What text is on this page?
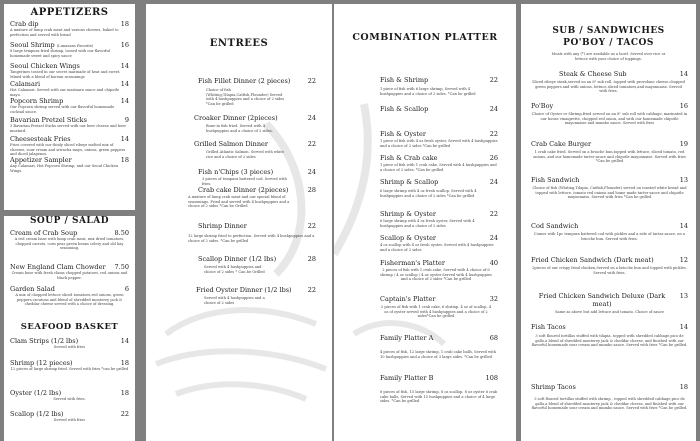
APPETIZERS
Crab dip	18
A mixture of lump crab meat and various cheeses, baked to perfection and served with bread
Seoul Shrimp (Lunaeans Favorite)	16
8 large tempura fried shrimp, tossed with our flavorful homemade sweet and spicy sauce
Seoul Chicken Wings	14
Tangerines tossed in our secret marinade of heat and sweet. Mixed with a blend of korean seasonings
Calamari	14
Hot Calamari. Served with our marinara sauce and chipotle mayo.
Popcorn Shrimp	14
Our Popcorn shrimp served with our flavorful homemade cocktail sauce.
Bavarian Pretzel Sticks	9
3 Bavarian Pretzel Sticks served with our beer cheese and beer mustard.
Cheesesteak Fries	14
Fries covered with our thinly sliced ribeye melted mix of cheeses, sour cream and sriracha mayo, onions, green peppers and diced jalapenos.
Appetizer Sampler	18
Any Calamari, Hot Popcorn Shrimp, and our Seoul Chicken Wings.
SOUP / SALAD
Cream of Crab Soup	8.50
A red cream base with lump crab meat, mix dried tomatoes, chopped carrots, corn peas green beans celery and old bay seasoning.
New England Clam Chowder 7.50
Cream base with fresh clams chopped potatoes, red onions and black pepper.
Garden Salad	6
A mix of chopped lettuce sliced tomatoes,red onions, green peppers,croutons and blend of shredded monterey jack & cheddar cheese served with a choice of dressing.
SEAFOOD BASKET
Clam Strips (1/2 lbs)	14
Served with fries
Shrimp (12 pieces)	18
12 pieces of large shrimp fried. Served with fries *can be grilled
Oyster (1/2 lbs)	18
Served with fries.
Scallop (1/2 lbs)	22
Served with fries
ENTREES
Fish Fillet Dinner (2 pieces)	22
Choice of fish (Whiting,Tilapia,Catfish,Flounder) Served with 4 hushpuppies and a choice of 2 sides *Can be grilled
Croaker Dinner (2pieces)	24
Bone-in fish fried. Served with 4 hushpuppies and a choice of 2 sides.
Grilled Salmon Dinner	22
Grilled Atlantic Salmon. Served with white rice and a choice of 2 sides
Fish n'Chips (3 pieces)	24
3 pieces of tempura battered cod. Served with fries.
Crab cake Dinner (2pieces)	28
A mixture of lump crab meat and our special blend of seasonings. Fried and served with 4 hushpuppies and a choice of 2 sides *Can be Grilled
Shrimp Dinner	22
12 large shrimp fried to perfection. Served with 4 hushpuppies and a choice of 2 sides. *Can be grilled
Scallop Dinner (1/2 lbs)	28
Served with 4 hushpuppies and choice of 2 sides * Can be Grilled
Fried Oyster Dinner (1/2 lbs) 22
Served with 4 hushpuppies and a choice of 2 sides
COMBINATION PLATTER
Fish & Shrimp	22
1 piece of fish with 6 large shrimp, Served with 4 hushpuppies and a choice of 2 sides. *Can be grilled
Fish & Scallop	24
Fish & Oyster	22
1 piece of fish with 4 oz fresh oyster, Served with 4 hushpuppies and a choice of 2 sides *Can be grilled
Fish & Crab cake	26
1 piece of fish with 1 crab cake, Served with 4 hushpuppies and a choice of 2 sides. *Can be grilled
Shrimp & Scallop	24
6 large shrimp with 4 oz fresh scallop, Served with 4 hushpuppies and a choice of 2 sides *Can be grilled
Shrimp & Oyster	22
6 large shrimp with 4 oz fresh oyster, Served with 4 hushpuppies and a choice of 2 sides
Scallop & Oyster	24
4 oz scallop with 4 oz fresh oyster, Served with 4 hushpuppies and a choice of 2 sides
Fisherman's Platter	40
2 pieces of fish with 1 crab cake, Served with 4 choice of 6 shrimp / 4 oz scallop / 4 oz oyster Served with 4 hushpuppies and a choice of 2 sides *Can be grilled
Captain's Platter	32
2 pieces of fish with 1 crab cake, 6 shrimp, 4 oz of scallop, 4 oz of oyster served with 4 hushpuppies and a choice of 2 sides*Can be grilled
Family Platter A	68
4 pieces of fish, 12 large shrimp, 1 crab cake balls, Served with 10 hushpuppies and a choice of 3 large sides. *Can be grilled
Family Platter B	108
8 pieces of fish, 15 large shrimp, 8 oz scallop, 8 oz oyster 6 crab cake balls, Served with 15 hushpuppies and a choice of 4 large sides. *Can be grilled
SUB / SANDWICHES
PO'BOY / TACOS
Meals with any (*) are available as a bowl. Served over rice or lettuce with your choice of toppings.
Steak & Cheese Sub	14
Sliced ribeye steak,served on an 8" sub roll, topped with provolone cheese,chopped green peppers and with onions, lettuce,sliced tomatoes,and mayonnaise. Served with fries.
Po'Boy	16
Choice of Oyster or Shrimp,fried served on an 8" sub roll with cabbage, marinated in our house vinaigrette, chopped red onion, and with our homemade chipotle mayonnaise and mumbo sauce. Served with fries
Crab Cake Burger	19
1 crab cake fried. Served on a brioche bun,topped with lettuce, sliced tomato, red onions, and our homemade tarter sauce and chipotle mayonnaise. Served with fries *Can be grilled
Fish Sandwich	13
Choice of fish (Whiting,Tilapia, Catfish,Flounder) served on toasted white bread and topped with lettuce, tomato red onions and home made tarter sauce and chipotle mayonnaise. Served with fries *Can be grilled
Cod Sandwich	14
Comes with 1pc tempura battered cod with pickles and a side of tartar sauce, on a brioche bun. Served with fries.
Fried Chicken Sandwich (Dark meat)	12
2pieces of our crispy fried chicken,Served on a brioche bun and topped with pickles. Served with fries.
Fried Chicken Sandwich Deluxe (Dark meat)
13
Same as above but add lettuce and tomato. Choice of sauce
Fish Tacos	14
3 soft floured tortillas stuffed with tilapia, topped with shredded cabbage,pico de gallo,a blend of shredded monterey jack & cheddar cheese, and finished with our flavorful homemade sour cream and mumbo sauce. Served with fries *Can be grilled.
Shrimp Tacos	18
3 soft floured tortillas stuffed with shrimp , topped with shredded cabbage,pico de gallo,a blend of shredded monterey jack & cheddar cheese, and finished with our flavorful homemade sour cream and mumbo sauce. Served with fries *Can be grilled.
